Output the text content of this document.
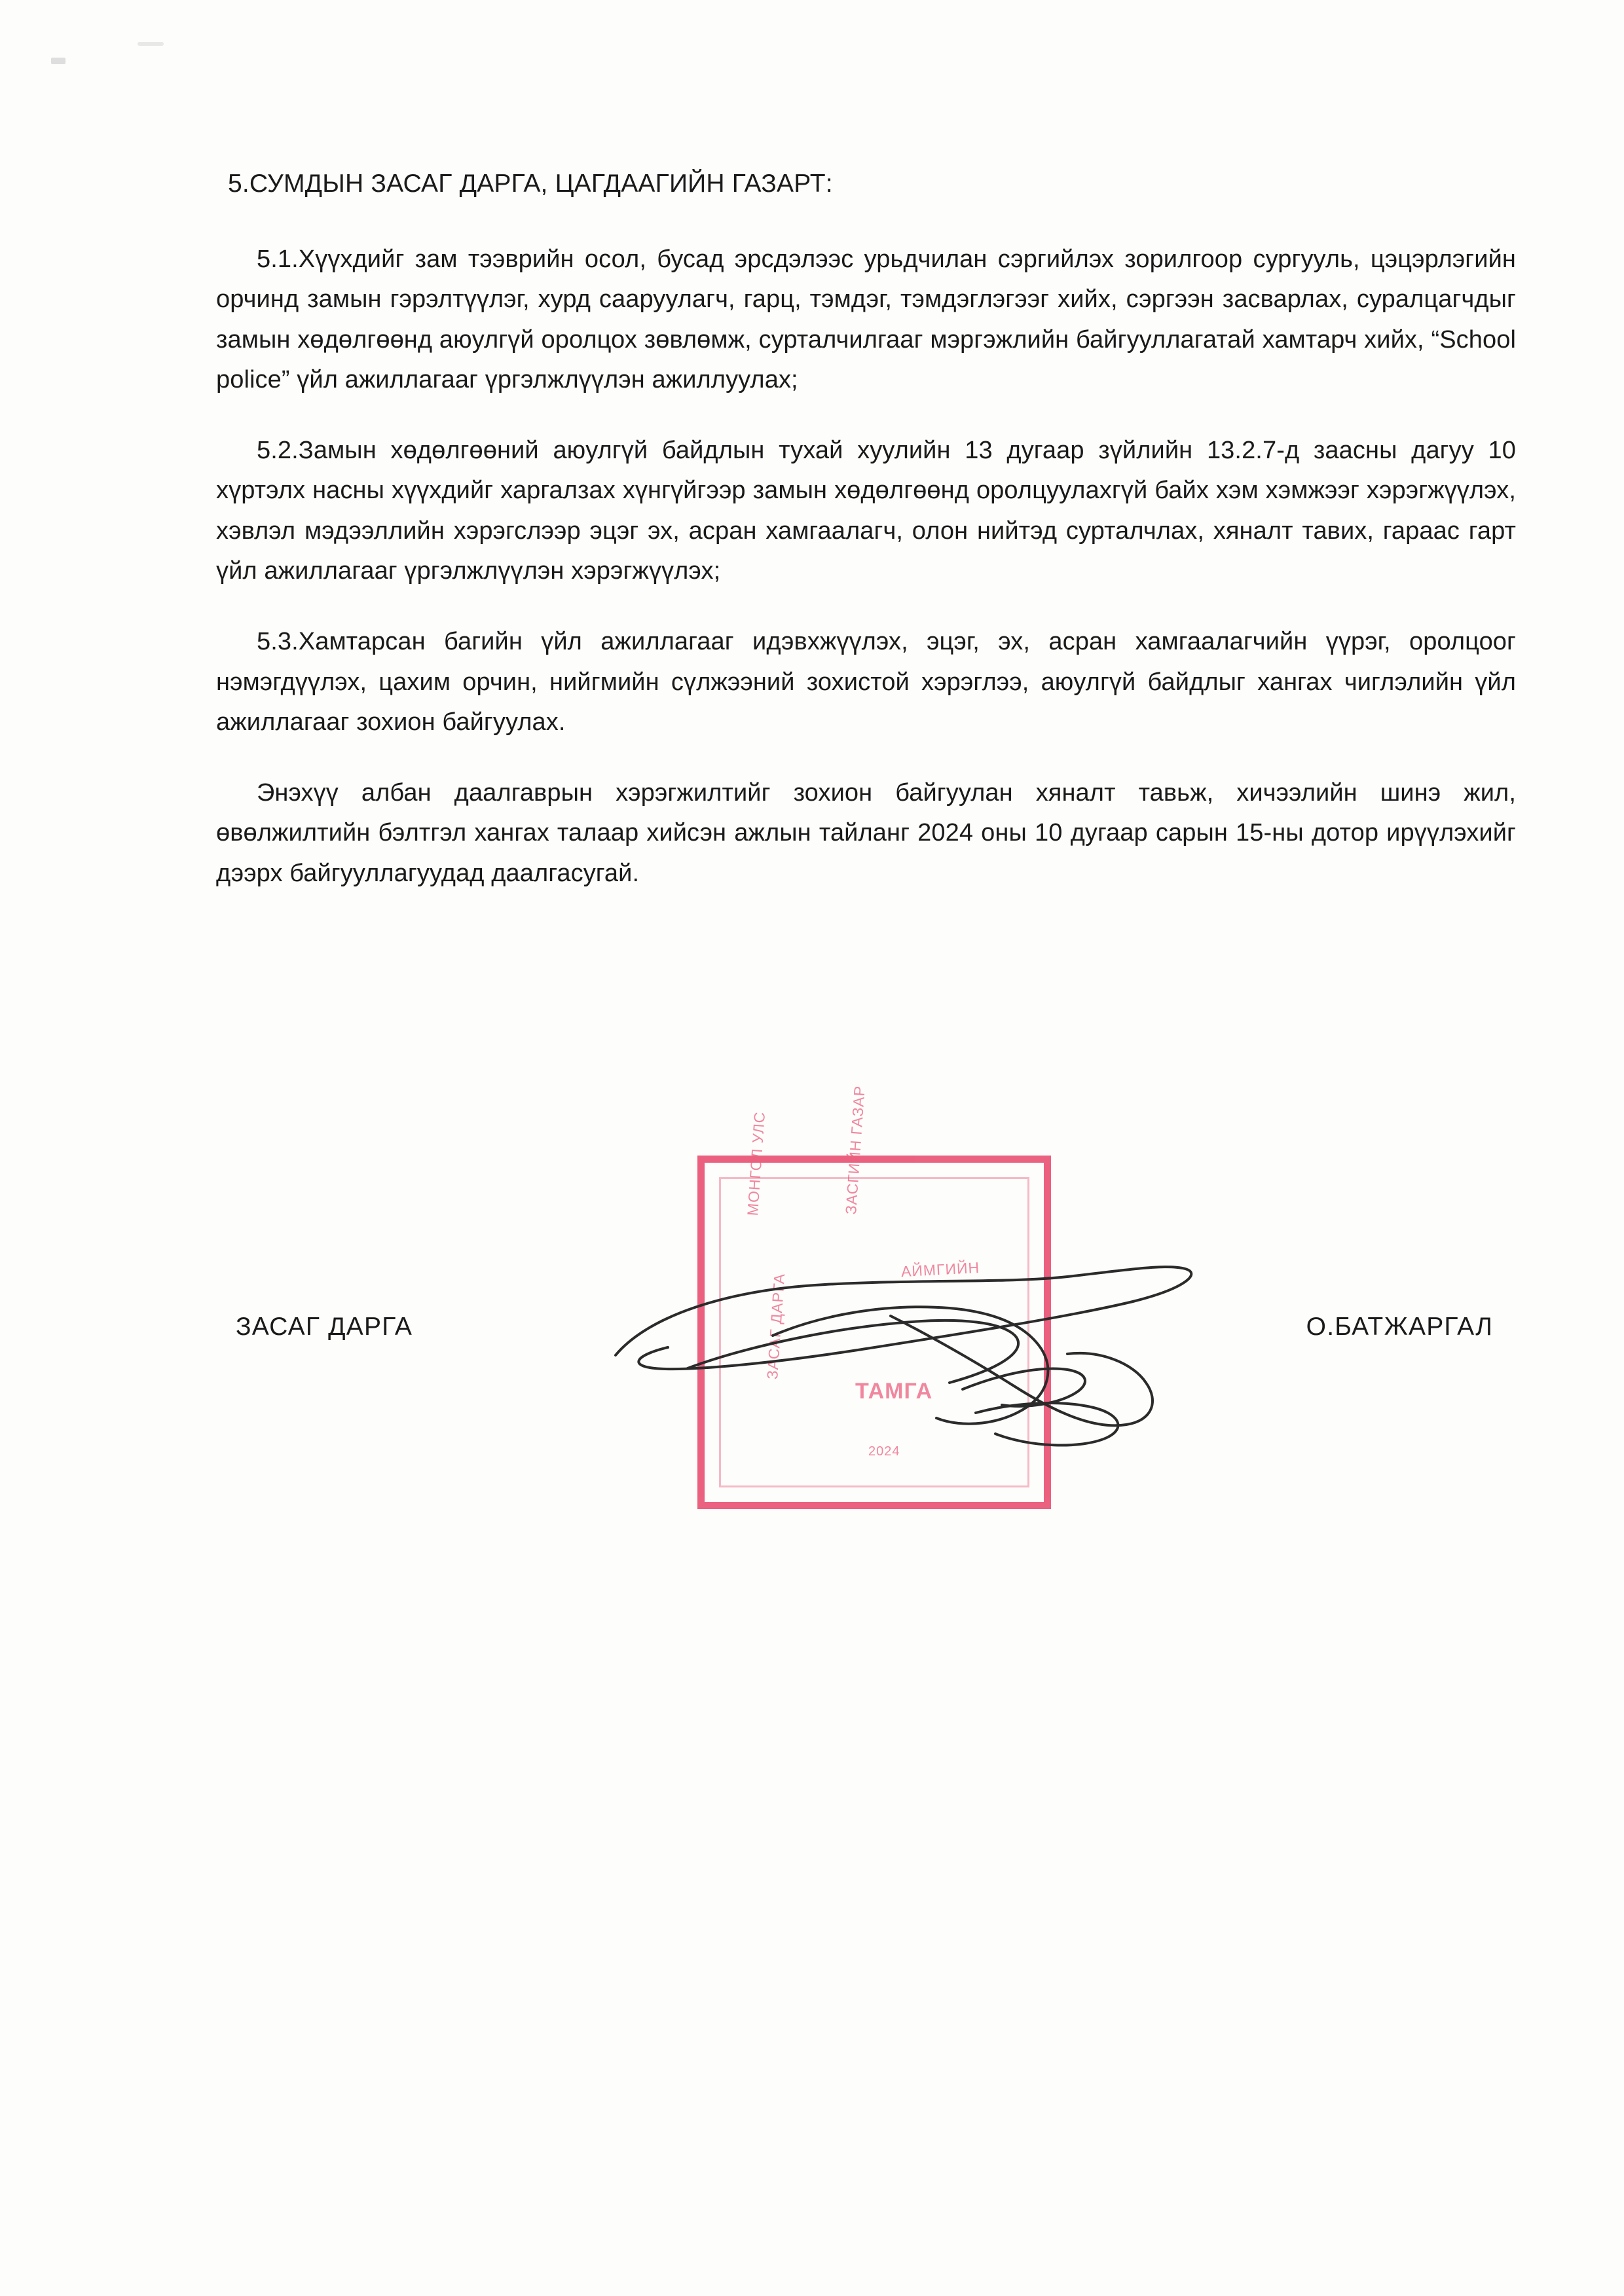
5.СУМДЫН ЗАСАГ ДАРГА, ЦАГДААГИЙН ГАЗАРТ:

5.1.Хүүхдийг зам тээврийн осол, бусад эрсдэлээс урьдчилан сэргийлэх зорилгоор сургууль, цэцэрлэгийн орчинд замын гэрэлтүүлэг, хурд сааруулагч, гарц, тэмдэг, тэмдэглэгээг хийх, сэргээн засварлах, суралцагчдыг замын хөдөлгөөнд аюулгүй оролцох зөвлөмж, сурталчилгааг мэргэжлийн байгууллагатай хамтарч хийх, “School police” үйл ажиллагааг үргэлжлүүлэн ажиллуулах;

5.2.Замын хөдөлгөөний аюулгүй байдлын тухай хуулийн 13 дугаар зүйлийн 13.2.7-д заасны дагуу 10 хүртэлх насны хүүхдийг харгалзах хүнгүйгээр замын хөдөлгөөнд оролцуулахгүй байх хэм хэмжээг хэрэгжүүлэх, хэвлэл мэдээллийн хэрэгслээр эцэг эх, асран хамгаалагч, олон нийтэд сурталчлах, хяналт тавих, гараас гарт үйл ажиллагааг үргэлжлүүлэн хэрэгжүүлэх;

5.3.Хамтарсан багийн үйл ажиллагааг идэвхжүүлэх, эцэг, эх, асран хамгаалагчийн үүрэг, оролцоог нэмэгдүүлэх, цахим орчин, нийгмийн сүлжээний зохистой хэрэглээ, аюулгүй байдлыг хангах чиглэлийн үйл ажиллагааг зохион байгуулах.

Энэхүү албан даалгаврын хэрэгжилтийг зохион байгуулан хяналт тавьж, хичээлийн шинэ жил, өвөлжилтийн бэлтгэл хангах талаар хийсэн ажлын тайланг 2024 оны 10 дугаар сарын 15-ны дотор ирүүлэхийг дээрх байгууллагуудад даалгасугай.

МОНГОЛ УЛС	ЗАСГИЙН ГАЗАР
АЙМГИЙН
ЗАСАГ ДАРГА
ТАМГА
2024
ЗАСАГ ДАРГА	О.БАТЖАРГАЛ
